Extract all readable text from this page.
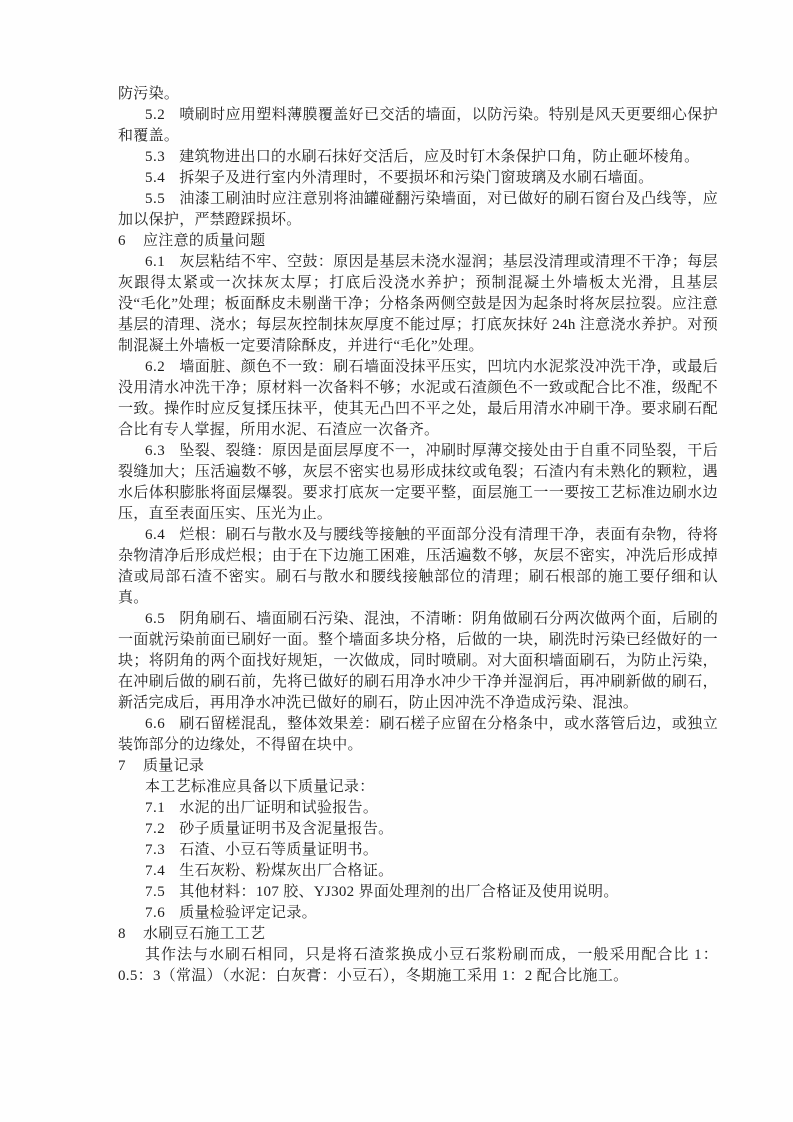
防污染。

5.2 喷刷时应用塑料薄膜覆盖好已交活的墙面，以防污染。特别是风天更要细心保护和覆盖。

5.3 建筑物进出口的水刷石抹好交活后，应及时钉木条保护口角，防止砸坏棱角。

5.4 拆架子及进行室内外清理时，不要损坏和污染门窗玻璃及水刷石墙面。

5.5 油漆工刷油时应注意别将油罐碰翻污染墙面，对已做好的刷石窗台及凸线等，应加以保护，严禁蹬踩损坏。

6 应注意的质量问题

6.1 灰层粘结不牢、空鼓：原因是基层未浇水湿润；基层没清理或清理不干净；每层灰跟得太紧或一次抹灰太厚；打底后没浇水养护；预制混凝土外墙板太光滑，且基层没“毛化”处理；板面酥皮未剔凿干净；分格条两侧空鼓是因为起条时将灰层拉裂。应注意基层的清理、浇水；每层灰控制抹灰厚度不能过厚；打底灰抹好 24h 注意浇水养护。对预制混凝土外墙板一定要清除酥皮，并进行“毛化”处理。

6.2 墙面脏、颜色不一致：刷石墙面没抹平压实，凹坑内水泥浆没冲洗干净，或最后没用清水冲洗干净；原材料一次备料不够；水泥或石渣颜色不一致或配合比不准，级配不一致。操作时应反复揉压抹平，使其无凸凹不平之处，最后用清水冲刷干净。要求刷石配合比有专人掌握，所用水泥、石渣应一次备齐。

6.3 坠裂、裂缝：原因是面层厚度不一，冲刷时厚薄交接处由于自重不同坠裂，干后裂缝加大；压活遍数不够，灰层不密实也易形成抹纹或龟裂；石渣内有未熟化的颗粒，遇水后体积膨胀将面层爆裂。要求打底灰一定要平整，面层施工一一要按工艺标准边刷水边压，直至表面压实、压光为止。

6.4 烂根：刷石与散水及与腰线等接触的平面部分没有清理干净，表面有杂物，待将杂物清净后形成烂根；由于在下边施工困难，压活遍数不够，灰层不密实，冲洗后形成掉渣或局部石渣不密实。刷石与散水和腰线接触部位的清理；刷石根部的施工要仔细和认真。

6.5 阴角刷石、墙面刷石污染、混浊，不清晰：阴角做刷石分两次做两个面，后刷的一面就污染前面已刷好一面。整个墙面多块分格，后做的一块，刷洗时污染已经做好的一块；将阴角的两个面找好规矩，一次做成，同时喷刷。对大面积墙面刷石，为防止污染，在冲刷后做的刷石前，先将已做好的刷石用净水冲少干净并湿润后，再冲刷新做的刷石，新活完成后，再用净水冲洗已做好的刷石，防止因冲洗不净造成污染、混浊。

6.6 刷石留槎混乱，整体效果差：刷石槎子应留在分格条中，或水落管后边，或独立装饰部分的边缘处，不得留在块中。

7 质量记录

本工艺标准应具备以下质量记录：

7.1 水泥的出厂证明和试验报告。

7.2 砂子质量证明书及含泥量报告。

7.3 石渣、小豆石等质量证明书。

7.4 生石灰粉、粉煤灰出厂合格证。

7.5 其他材料：107 胶、YJ302 界面处理剂的出厂合格证及使用说明。

7.6 质量检验评定记录。

8 水刷豆石施工工艺

其作法与水刷石相同，只是将石渣浆换成小豆石浆粉刷而成，一般采用配合比 1：0.5：3（常温）（水泥：白灰膏：小豆石），冬期施工采用 1：2 配合比施工。
